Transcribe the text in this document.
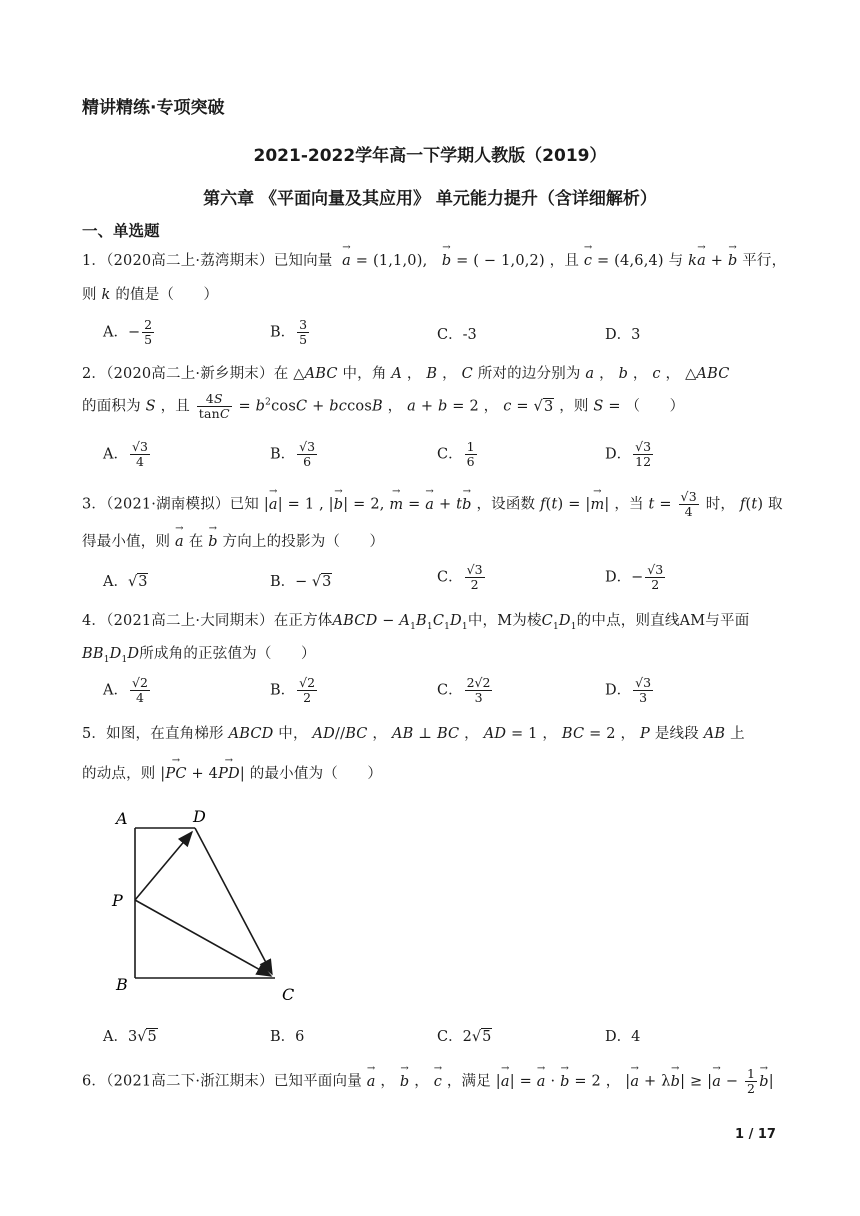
精讲精练·专项突破
2021-2022学年高一下学期人教版（2019）
第六章 《平面向量及其应用》 单元能力提升（含详细解析）
一、单选题
1．（2020高二上·荔湾期末）已知向量  → a = (1,1,0),   → b = ( − 1,0,2) ，且 → c = (4,6,4) 与 k→ a + → b 平行，
则 k 的值是（　　）
A．− $\frac{2}{5}$	B． $\frac{3}{5}$	C．-3	D．3
2．（2020高二上·新乡期末）在 △ABC 中，角 A ， B ， C 所对的边分别为 a ， b ， c ， △ABC
的面积为 S ，且 $\frac{4S}{\tan C} = b^2\cos C + bccosB$ ， a + b = 2 ， c = √3 ，则 S = （　　）
A． $\frac{√3}{4}$	B． $\frac{√3}{6}$	C． $\frac{1}{6}$	D． $\frac{√3}{12}$
3．（2021·湖南模拟）已知 |→ a| = 1 , |→ b| = 2, → m = → a + t→ b ，设函数 f(t) = |→ m| ，当 $t = \frac{√3}{4}$ 时， f(t) 取
得最小值，则 → a 在 → b 方向上的投影为（　　）
A．√3	B．− √3	C． $\frac{√3}{2}$	D．− $\frac{√3}{2}$
4．（2021高二上·大同期末）在正方体ABCD − $A_1B_1C_1D_1$中，M为棱$C_1D_1$的中点，则直线AM与平面
$BB_1D_1D$所成角的正弦值为（　　）
A． $\frac{√2}{4}$	B． $\frac{√2}{2}$	C． $\frac{2√2}{3}$	D． $\frac{√3}{3}$
5．如图，在直角梯形 ABCD 中， AD//BC ， AB ⊥ BC ， AD = 1 ， BC = 2 ， P 是线段 AB 上
的动点，则 |→ PC + 4→ PD| 的最小值为（　　）
A	D
P
B
C
A．3√5	B．6	C．2√5	D．4
6．（2021高二下·浙江期末）已知平面向量 → a ， → b ， → c ，满足 |→ a| = → a · → b = 2 ， |→ a + λ→ b| ≥ |→ $a - \frac{1}{2}$
→ b|
1 / 17
